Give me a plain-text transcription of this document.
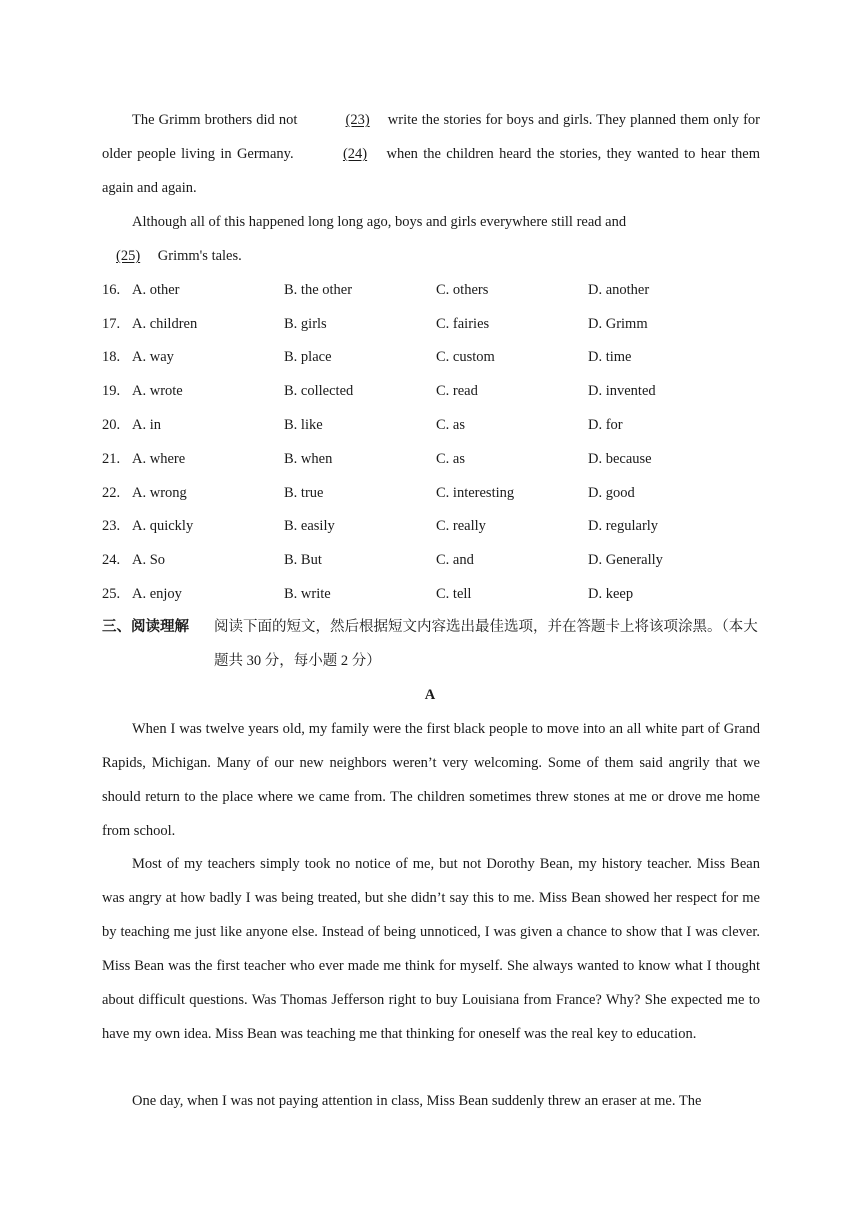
The Grimm brothers did not	(23) write the stories for boys and girls. They planned them only for older people living in Germany.	(24) when the children heard the stories, they wanted to hear them again and again.

Although all of this happened long long ago, boys and girls everywhere still read and

(25) Grimm's tales.

16. A. other	B. the other	C. others	D. another
17. A. children	B. girls	C. fairies	D. Grimm
18. A. way	B. place	C. custom	D. time
19. A. wrote	B. collected	C. read	D. invented
20. A. in	B. like	C. as	D. for
21. A. where	B. when	C. as	D. because
22. A. wrong	B. true	C. interesting	D. good
23. A. quickly	B. easily	C. really	D. regularly
24. A. So	B. But	C. and	D. Generally
25. A. enjoy	B. write	C. tell	D. keep
三、阅读理解 阅读下面的短文，然后根据短文内容选出最佳选项，并在答题卡上将该项涂黑。（本大题共 30 分，每小题 2 分）
A

When I was twelve years old, my family were the first black people to move into an all white part of Grand Rapids, Michigan. Many of our new neighbors weren’t very welcoming. Some of them said angrily that we should return to the place where we came from. The children sometimes threw stones at me or drove me home from school.

Most of my teachers simply took no notice of me, but not Dorothy Bean, my history teacher. Miss Bean was angry at how badly I was being treated, but she didn’t say this to me. Miss Bean showed her respect for me by teaching me just like anyone else. Instead of being unnoticed, I was given a chance to show that I was clever. Miss Bean was the first teacher who ever made me think for myself. She always wanted to know what I thought about difficult questions. Was Thomas Jefferson right to buy Louisiana from France? Why? She expected me to have my own idea. Miss Bean was teaching me that thinking for oneself was the real key to education.

One day, when I was not paying attention in class, Miss Bean suddenly threw an eraser at me. The
